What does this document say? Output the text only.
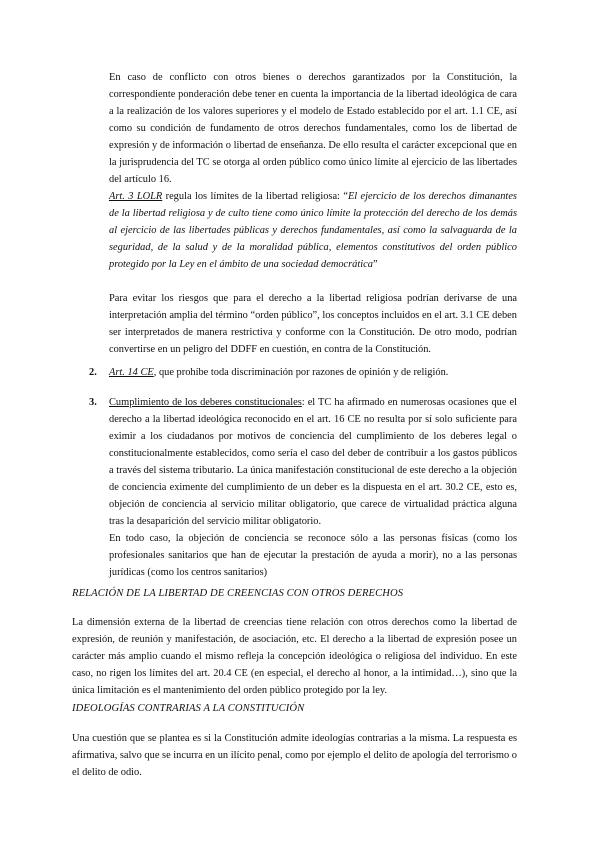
En caso de conflicto con otros bienes o derechos garantizados por la Constitución, la correspondiente ponderación debe tener en cuenta la importancia de la libertad ideológica de cara a la realización de los valores superiores y el modelo de Estado establecido por el art. 1.1 CE, así como su condición de fundamento de otros derechos fundamentales, como los de libertad de expresión y de información o libertad de enseñanza. De ello resulta el carácter excepcional que en la jurisprudencia del TC se otorga al orden público como único límite al ejercicio de las libertades del artículo 16.

Art. 3 LOLR regula los límites de la libertad religiosa: “El ejercicio de los derechos dimanantes de la libertad religiosa y de culto tiene como único límite la protección del derecho de los demás al ejercicio de las libertades públicas y derechos fundamentales, así como la salvaguarda de la seguridad, de la salud y de la moralidad pública, elementos constitutivos del orden público protegido por la Ley en el ámbito de una sociedad democrática”

Para evitar los riesgos que para el derecho a la libertad religiosa podrían derivarse de una interpretación amplia del término “orden público”, los conceptos incluidos en el art. 3.1 CE deben ser interpretados de manera restrictiva y conforme con la Constitución. De otro modo, podrían convertirse en un peligro del DDFF en cuestión, en contra de la Constitución.

2. Art. 14 CE, que prohíbe toda discriminación por razones de opinión y de religión.

3. Cumplimiento de los deberes constitucionales: el TC ha afirmado en numerosas ocasiones que el derecho a la libertad ideológica reconocido en el art. 16 CE no resulta por sí solo suficiente para eximir a los ciudadanos por motivos de conciencia del cumplimiento de los deberes legal o constitucionalmente establecidos, como sería el caso del deber de contribuir a los gastos públicos a través del sistema tributario. La única manifestación constitucional de este derecho a la objeción de conciencia eximente del cumplimiento de un deber es la dispuesta en el art. 30.2 CE, esto es, objeción de conciencia al servicio militar obligatorio, que carece de virtualidad práctica alguna tras la desaparición del servicio militar obligatorio.

En todo caso, la objeción de conciencia se reconoce sólo a las personas físicas (como los profesionales sanitarios que han de ejecutar la prestación de ayuda a morir), no a las personas jurídicas (como los centros sanitarios)

RELACIÓN DE LA LIBERTAD DE CREENCIAS CON OTROS DERECHOS

La dimensión externa de la libertad de creencias tiene relación con otros derechos como la libertad de expresión, de reunión y manifestación, de asociación, etc. El derecho a la libertad de expresión posee un carácter más amplio cuando el mismo refleja la concepción ideológica o religiosa del individuo. En este caso, no rigen los límites del art. 20.4 CE (en especial, el derecho al honor, a la intimidad…), sino que la única limitación es el mantenimiento del orden público protegido por la ley.

IDEOLOGÍAS CONTRARIAS A LA CONSTITUCIÓN

Una cuestión que se plantea es si la Constitución admite ideologías contrarias a la misma. La respuesta es afirmativa, salvo que se incurra en un ilícito penal, como por ejemplo el delito de apología del terrorismo o el delito de odio.
